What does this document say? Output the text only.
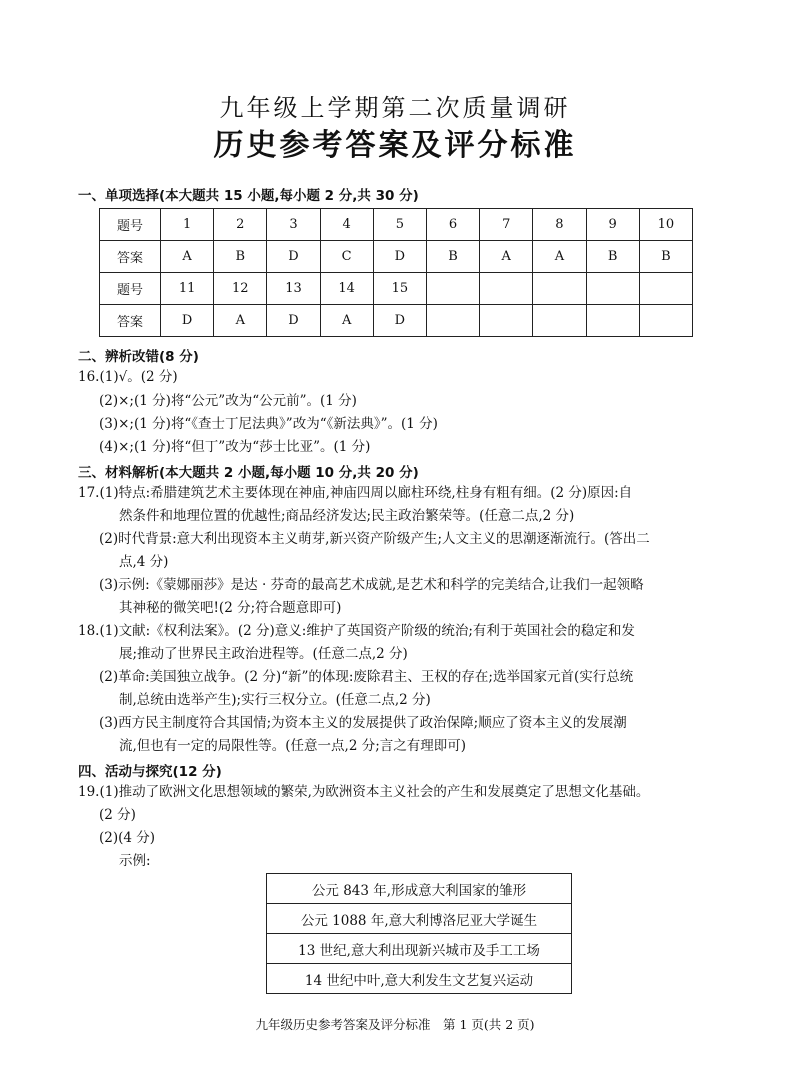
九年级上学期第二次质量调研
历史参考答案及评分标准
一、单项选择(本大题共 15 小题,每小题 2 分,共 30 分)
题号	1	2	3	4	5	6	7	8	9	10
答案	A	B	D	C	D	B	A	A	B	B
题号	11	12	13	14	15					
答案	D	A	D	A	D					
二、辨析改错(8 分)
16.(1)√。(2 分)
(2)×;(1 分)将“公元”改为“公元前”。(1 分)
(3)×;(1 分)将“《查士丁尼法典》”改为“《新法典》”。(1 分)
(4)×;(1 分)将“但丁”改为“莎士比亚”。(1 分)
三、材料解析(本大题共 2 小题,每小题 10 分,共 20 分)
17.(1)特点:希腊建筑艺术主要体现在神庙,神庙四周以廊柱环绕,柱身有粗有细。(2 分)原因:自
然条件和地理位置的优越性;商品经济发达;民主政治繁荣等。(任意二点,2 分)
(2)时代背景:意大利出现资本主义萌芽,新兴资产阶级产生;人文主义的思潮逐渐流行。(答出二
点,4 分)
(3)示例:《蒙娜丽莎》是达 · 芬奇的最高艺术成就,是艺术和科学的完美结合,让我们一起领略
其神秘的微笑吧!(2 分;符合题意即可)
18.(1)文献:《权利法案》。(2 分)意义:维护了英国资产阶级的统治;有利于英国社会的稳定和发
展;推动了世界民主政治进程等。(任意二点,2 分)
(2)革命:美国独立战争。(2 分)“新”的体现:废除君主、王权的存在;选举国家元首(实行总统
制,总统由选举产生);实行三权分立。(任意二点,2 分)
(3)西方民主制度符合其国情;为资本主义的发展提供了政治保障;顺应了资本主义的发展潮
流,但也有一定的局限性等。(任意一点,2 分;言之有理即可)
四、活动与探究(12 分)
19.(1)推动了欧洲文化思想领域的繁荣,为欧洲资本主义社会的产生和发展奠定了思想文化基础。
(2 分)
(2)(4 分)
示例:
公元 843 年,形成意大利国家的雏形
公元 1088 年,意大利博洛尼亚大学诞生
13 世纪,意大利出现新兴城市及手工工场
14 世纪中叶,意大利发生文艺复兴运动
九年级历史参考答案及评分标准　第 1 页(共 2 页)
